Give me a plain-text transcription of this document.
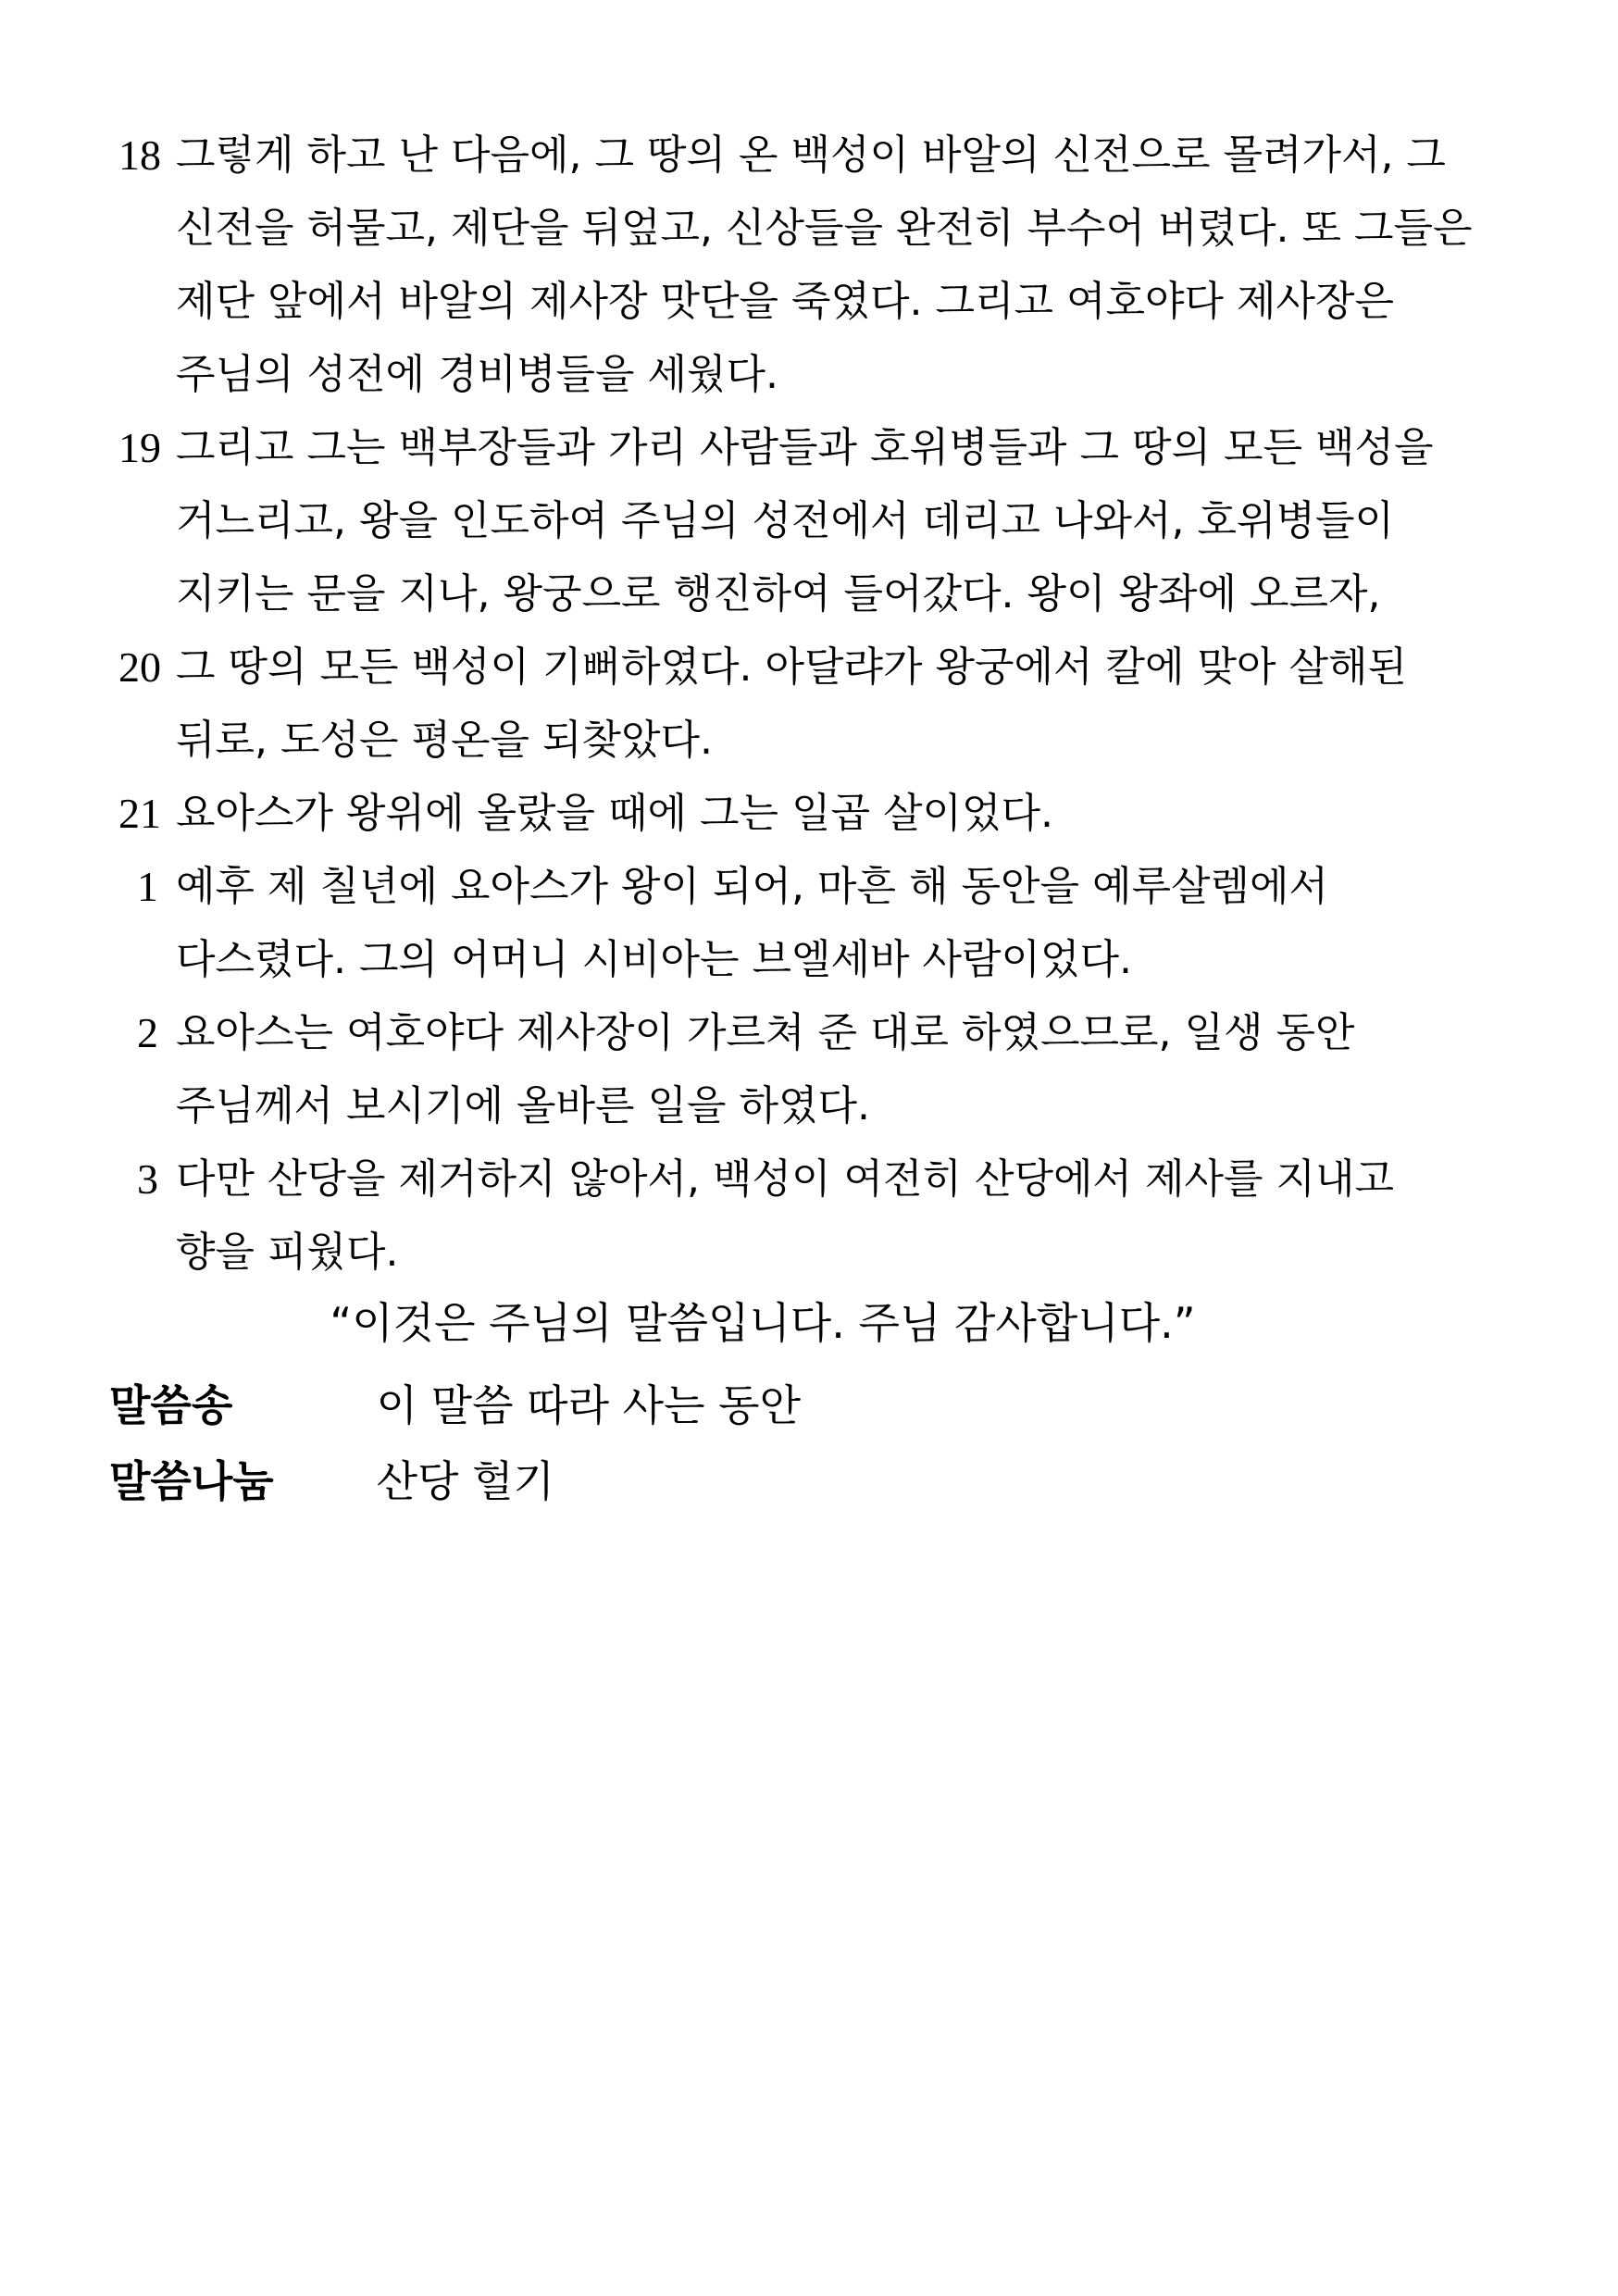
18 그렇게 하고 난 다음에, 그 땅의 온 백성이 바알의 신전으로 몰려가서, 그
신전을 허물고, 제단을 뒤엎고, 신상들을 완전히 부수어 버렸다. 또 그들은
제단 앞에서 바알의 제사장 맛단을 죽였다. 그리고 여호야다 제사장은
주님의 성전에 경비병들을 세웠다.
19 그리고 그는 백부장들과 가리 사람들과 호위병들과 그 땅의 모든 백성을
거느리고, 왕을 인도하여 주님의 성전에서 데리고 나와서, 호위병들이
지키는 문을 지나, 왕궁으로 행진하여 들어갔다. 왕이 왕좌에 오르자,
20 그 땅의 모든 백성이 기뻐하였다. 아달랴가 왕궁에서 칼에 맞아 살해된
뒤로, 도성은 평온을 되찾았다.
21 요아스가 왕위에 올랐을 때에 그는 일곱 살이었다.
1 예후 제 칠년에 요아스가 왕이 되어, 마흔 해 동안을 예루살렘에서
다스렸다. 그의 어머니 시비아는 브엘세바 사람이었다.
2 요아스는 여호야다 제사장이 가르쳐 준 대로 하였으므로, 일생 동안
주님께서 보시기에 올바른 일을 하였다.
3 다만 산당을 제거하지 않아서, 백성이 여전히 산당에서 제사를 지내고
향을 피웠다.
“이것은 주님의 말씀입니다. 주님 감사합니다.”
말씀송	이 말씀 따라 사는 동안
말씀나눔 산당 헐기
